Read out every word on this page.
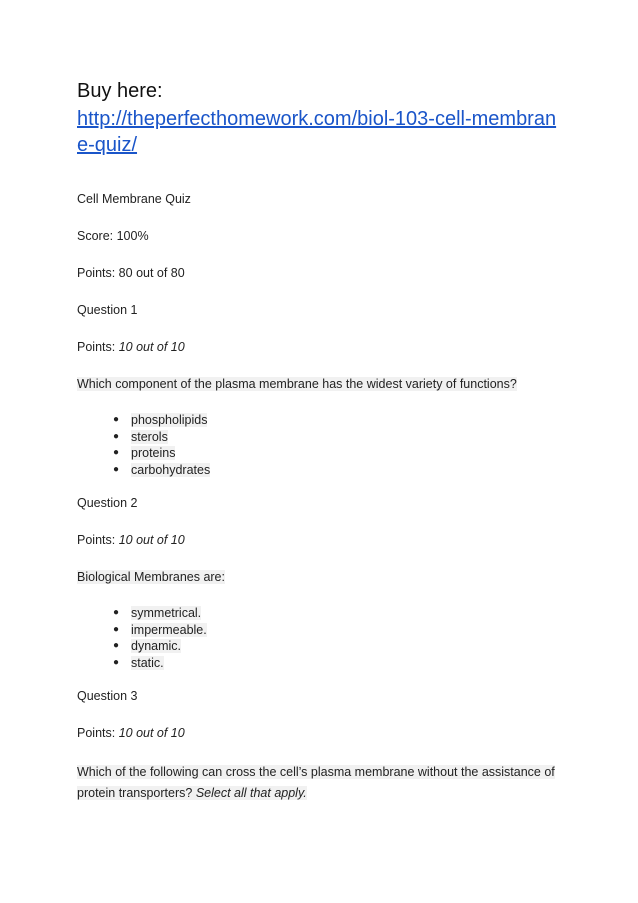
Buy here:

http://theperfecthomework.com/biol-103-cell-membrane-quiz/

Cell Membrane Quiz

Score: 100%

Points: 80 out of 80

Question 1

Points: 10 out of 10

Which component of the plasma membrane has the widest variety of functions?

● phospholipids
● sterols
● proteins
● carbohydrates

Question 2

Points: 10 out of 10

Biological Membranes are:

● symmetrical.
● impermeable.
● dynamic.
● static.

Question 3

Points: 10 out of 10

Which of the following can cross the cell’s plasma membrane without the assistance of
protein transporters? Select all that apply.
